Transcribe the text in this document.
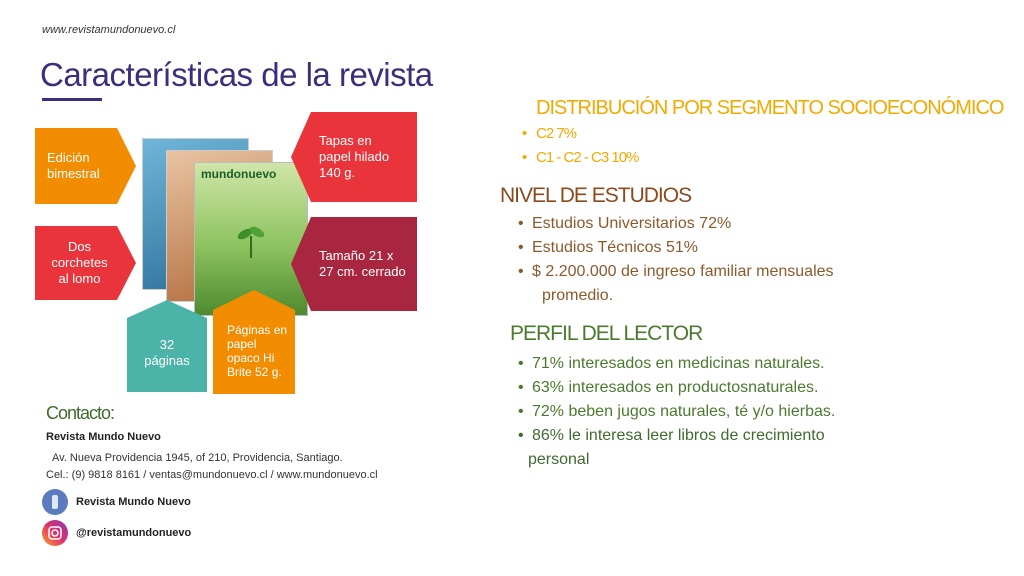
www.revistamundonuevo.cl
Características de la revista
mundonuevo
Edición bimestral
Tapas en papel hilado 140 g.
Dos corchetes al lomo
Tamaño 21 x 27 cm. cerrado
32 páginas
Páginas en papel opaco Hi Brite 52 g.
DISTRIBUCIÓN POR SEGMENTO SOCIOECONÓMICO
• C2 7%
• C1 - C2 - C3 10%
NIVEL DE ESTUDIOS
• Estudios Universitarios 72%
• Estudios Técnicos 51%
• $ 2.200.000 de ingreso familiar mensuales
promedio.
PERFIL DEL LECTOR
• 71% interesados en medicinas naturales.
• 63% interesados en productosnaturales.
• 72% beben jugos naturales, té y/o hierbas.
• 86% le interesa leer libros de crecimiento
personal
Contacto:
Revista Mundo Nuevo
Av. Nueva Providencia 1945, of 210, Providencia, Santiago.
Cel.: (9) 9818 8161 / ventas@mundonuevo.cl / www.mundonuevo.cl
Revista Mundo Nuevo
@revistamundonuevo
